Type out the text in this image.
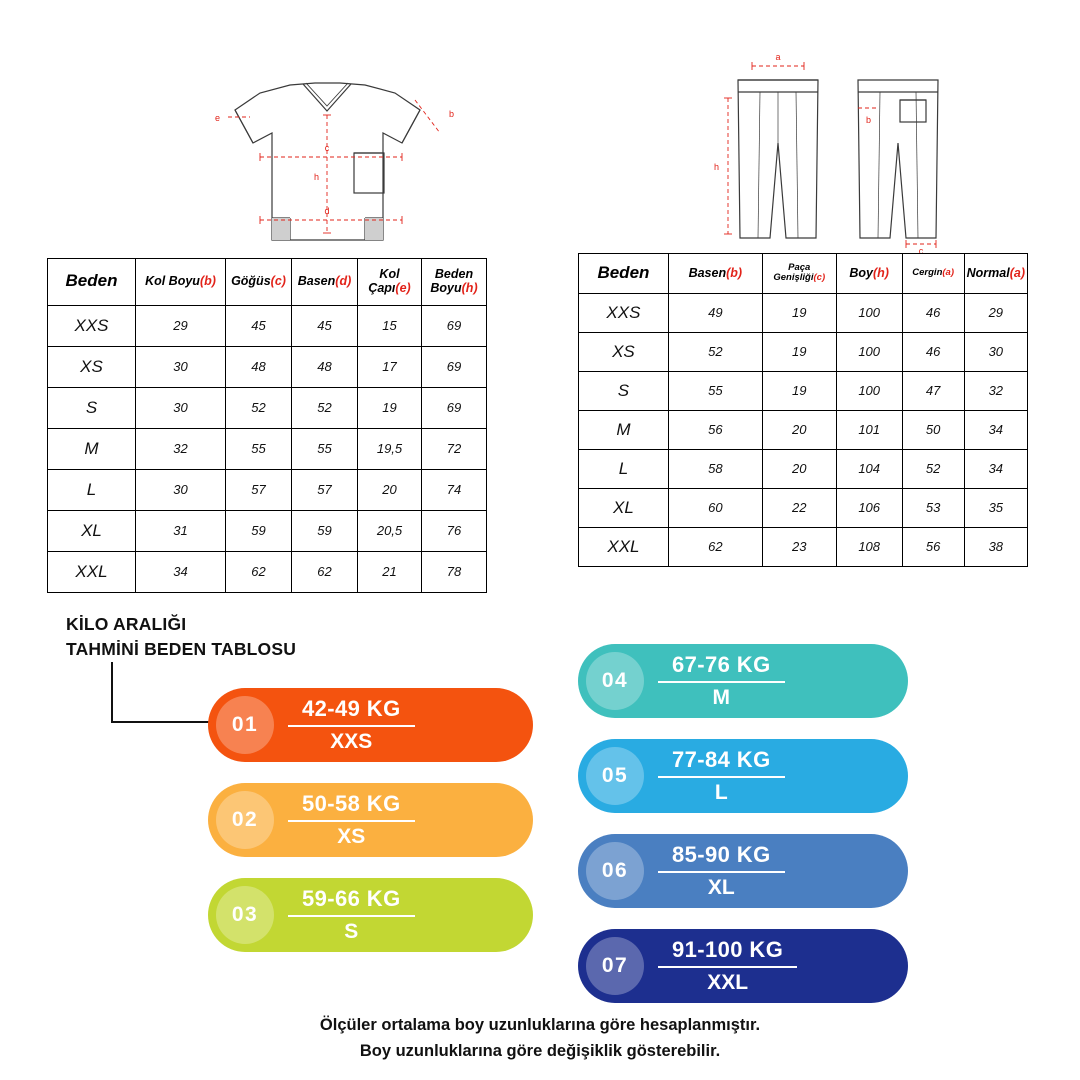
b
c
d
e
h
a
b
c
h
Beden	Kol Boyu(b)	Göğüs(c)	Basen(d)	Kol Çapı(e)	Beden Boyu(h)
XXS	29	45	45	15	69
XS	30	48	48	17	69
S	30	52	52	19	69
M	32	55	55	19,5	72
L	30	57	57	20	74
XL	31	59	59	20,5	76
XXL	34	62	62	21	78
Beden	Basen(b)	Paça Genişliği(c)	Boy(h)	Cergin(a)	Normal(a)
XXS	49	19	100	46	29
XS	52	19	100	46	30
S	55	19	100	47	32
M	56	20	101	50	34
L	58	20	104	52	34
XL	60	22	106	53	35
XXL	62	23	108	56	38
KİLO ARALIĞI
TAHMİNİ BEDEN TABLOSU
01
42-49 KG
XXS
02
50-58 KG
XS
03
59-66 KG
S
04
67-76 KG
M
05
77-84 KG
L
06
85-90 KG
XL
07
91-100 KG
XXL
Ölçüler ortalama boy uzunluklarına göre hesaplanmıştır.
Boy uzunluklarına göre değişiklik gösterebilir.
